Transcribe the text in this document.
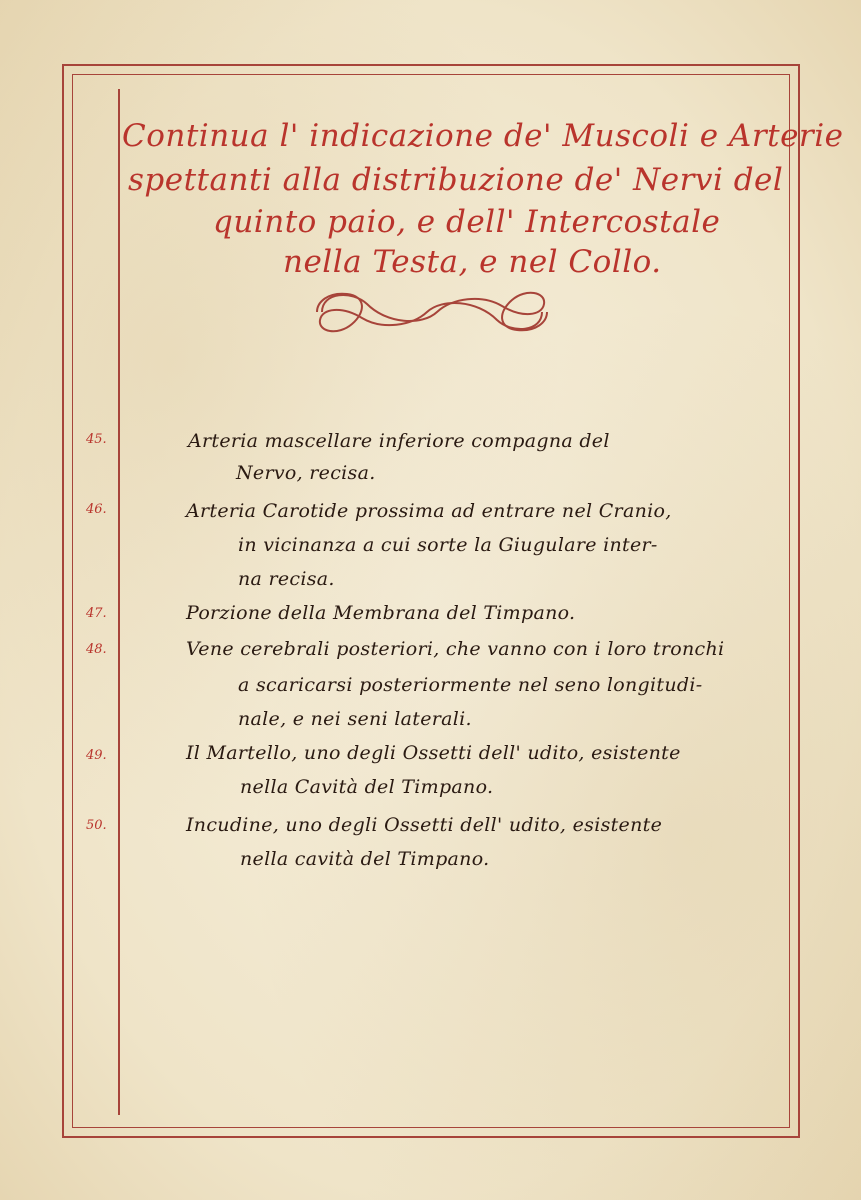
Continua l' indicazione de' Muscoli e Arterie
spettanti alla distribuzione de' Nervi del
quinto paio, e dell' Intercostale
nella Testa, e nel Collo.
45.	Arteria mascellare inferiore compagna del
Nervo, recisa.
46.	Arteria Carotide prossima ad entrare nel Cranio,
in vicinanza a cui sorte la Giugulare inter-
na recisa.
47.	Porzione della Membrana del Timpano.
48.	Vene cerebrali posteriori, che vanno con i loro tronchi
a scaricarsi posteriormente nel seno longitudi-
nale, e nei seni laterali.
49.	Il Martello, uno degli Ossetti dell' udito, esistente
nella Cavità del Timpano.
50.	Incudine, uno degli Ossetti dell' udito, esistente
nella cavità del Timpano.
